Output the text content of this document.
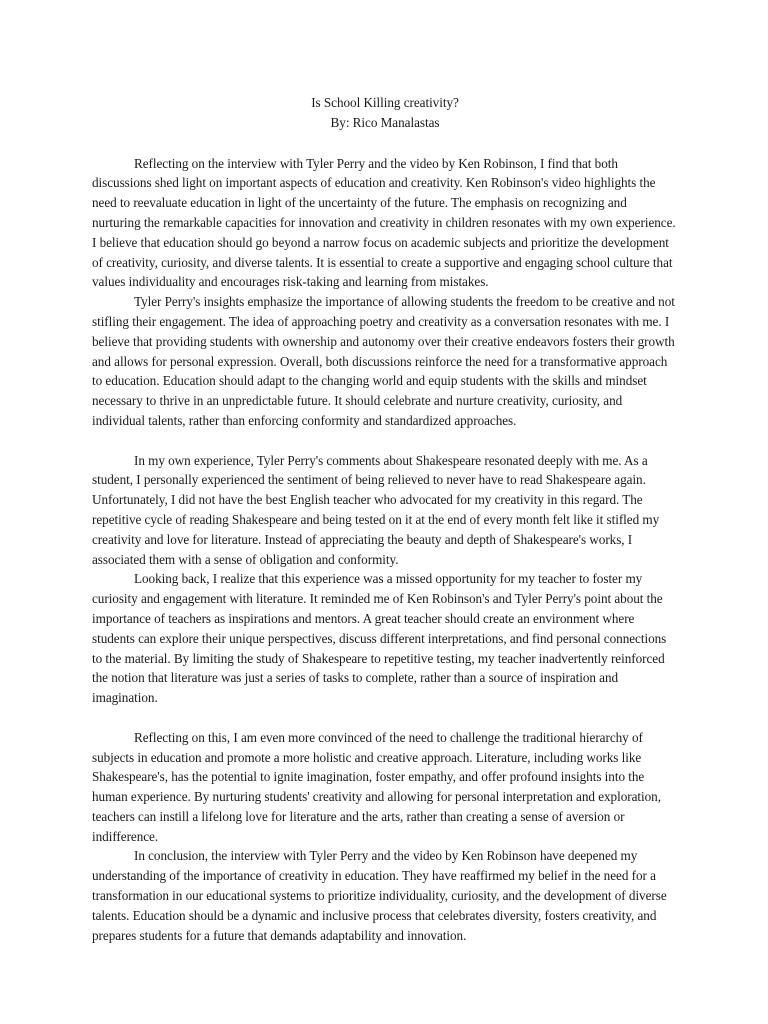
Is School Killing creativity?
By: Rico Manalastas

Reflecting on the interview with Tyler Perry and the video by Ken Robinson, I find that both discussions shed light on important aspects of education and creativity. Ken Robinson's video highlights the need to reevaluate education in light of the uncertainty of the future. The emphasis on recognizing and nurturing the remarkable capacities for innovation and creativity in children resonates with my own experience. I believe that education should go beyond a narrow focus on academic subjects and prioritize the development of creativity, curiosity, and diverse talents. It is essential to create a supportive and engaging school culture that values individuality and encourages risk-taking and learning from mistakes.

Tyler Perry's insights emphasize the importance of allowing students the freedom to be creative and not stifling their engagement. The idea of approaching poetry and creativity as a conversation resonates with me. I believe that providing students with ownership and autonomy over their creative endeavors fosters their growth and allows for personal expression. Overall, both discussions reinforce the need for a transformative approach to education. Education should adapt to the changing world and equip students with the skills and mindset necessary to thrive in an unpredictable future. It should celebrate and nurture creativity, curiosity, and individual talents, rather than enforcing conformity and standardized approaches.

In my own experience, Tyler Perry's comments about Shakespeare resonated deeply with me. As a student, I personally experienced the sentiment of being relieved to never have to read Shakespeare again. Unfortunately, I did not have the best English teacher who advocated for my creativity in this regard. The repetitive cycle of reading Shakespeare and being tested on it at the end of every month felt like it stifled my creativity and love for literature. Instead of appreciating the beauty and depth of Shakespeare's works, I associated them with a sense of obligation and conformity.

Looking back, I realize that this experience was a missed opportunity for my teacher to foster my curiosity and engagement with literature. It reminded me of Ken Robinson's and Tyler Perry's point about the importance of teachers as inspirations and mentors. A great teacher should create an environment where students can explore their unique perspectives, discuss different interpretations, and find personal connections to the material. By limiting the study of Shakespeare to repetitive testing, my teacher inadvertently reinforced the notion that literature was just a series of tasks to complete, rather than a source of inspiration and imagination.

Reflecting on this, I am even more convinced of the need to challenge the traditional hierarchy of subjects in education and promote a more holistic and creative approach. Literature, including works like Shakespeare's, has the potential to ignite imagination, foster empathy, and offer profound insights into the human experience. By nurturing students' creativity and allowing for personal interpretation and exploration, teachers can instill a lifelong love for literature and the arts, rather than creating a sense of aversion or indifference.

In conclusion, the interview with Tyler Perry and the video by Ken Robinson have deepened my understanding of the importance of creativity in education. They have reaffirmed my belief in the need for a transformation in our educational systems to prioritize individuality, curiosity, and the development of diverse talents. Education should be a dynamic and inclusive process that celebrates diversity, fosters creativity, and prepares students for a future that demands adaptability and innovation.
